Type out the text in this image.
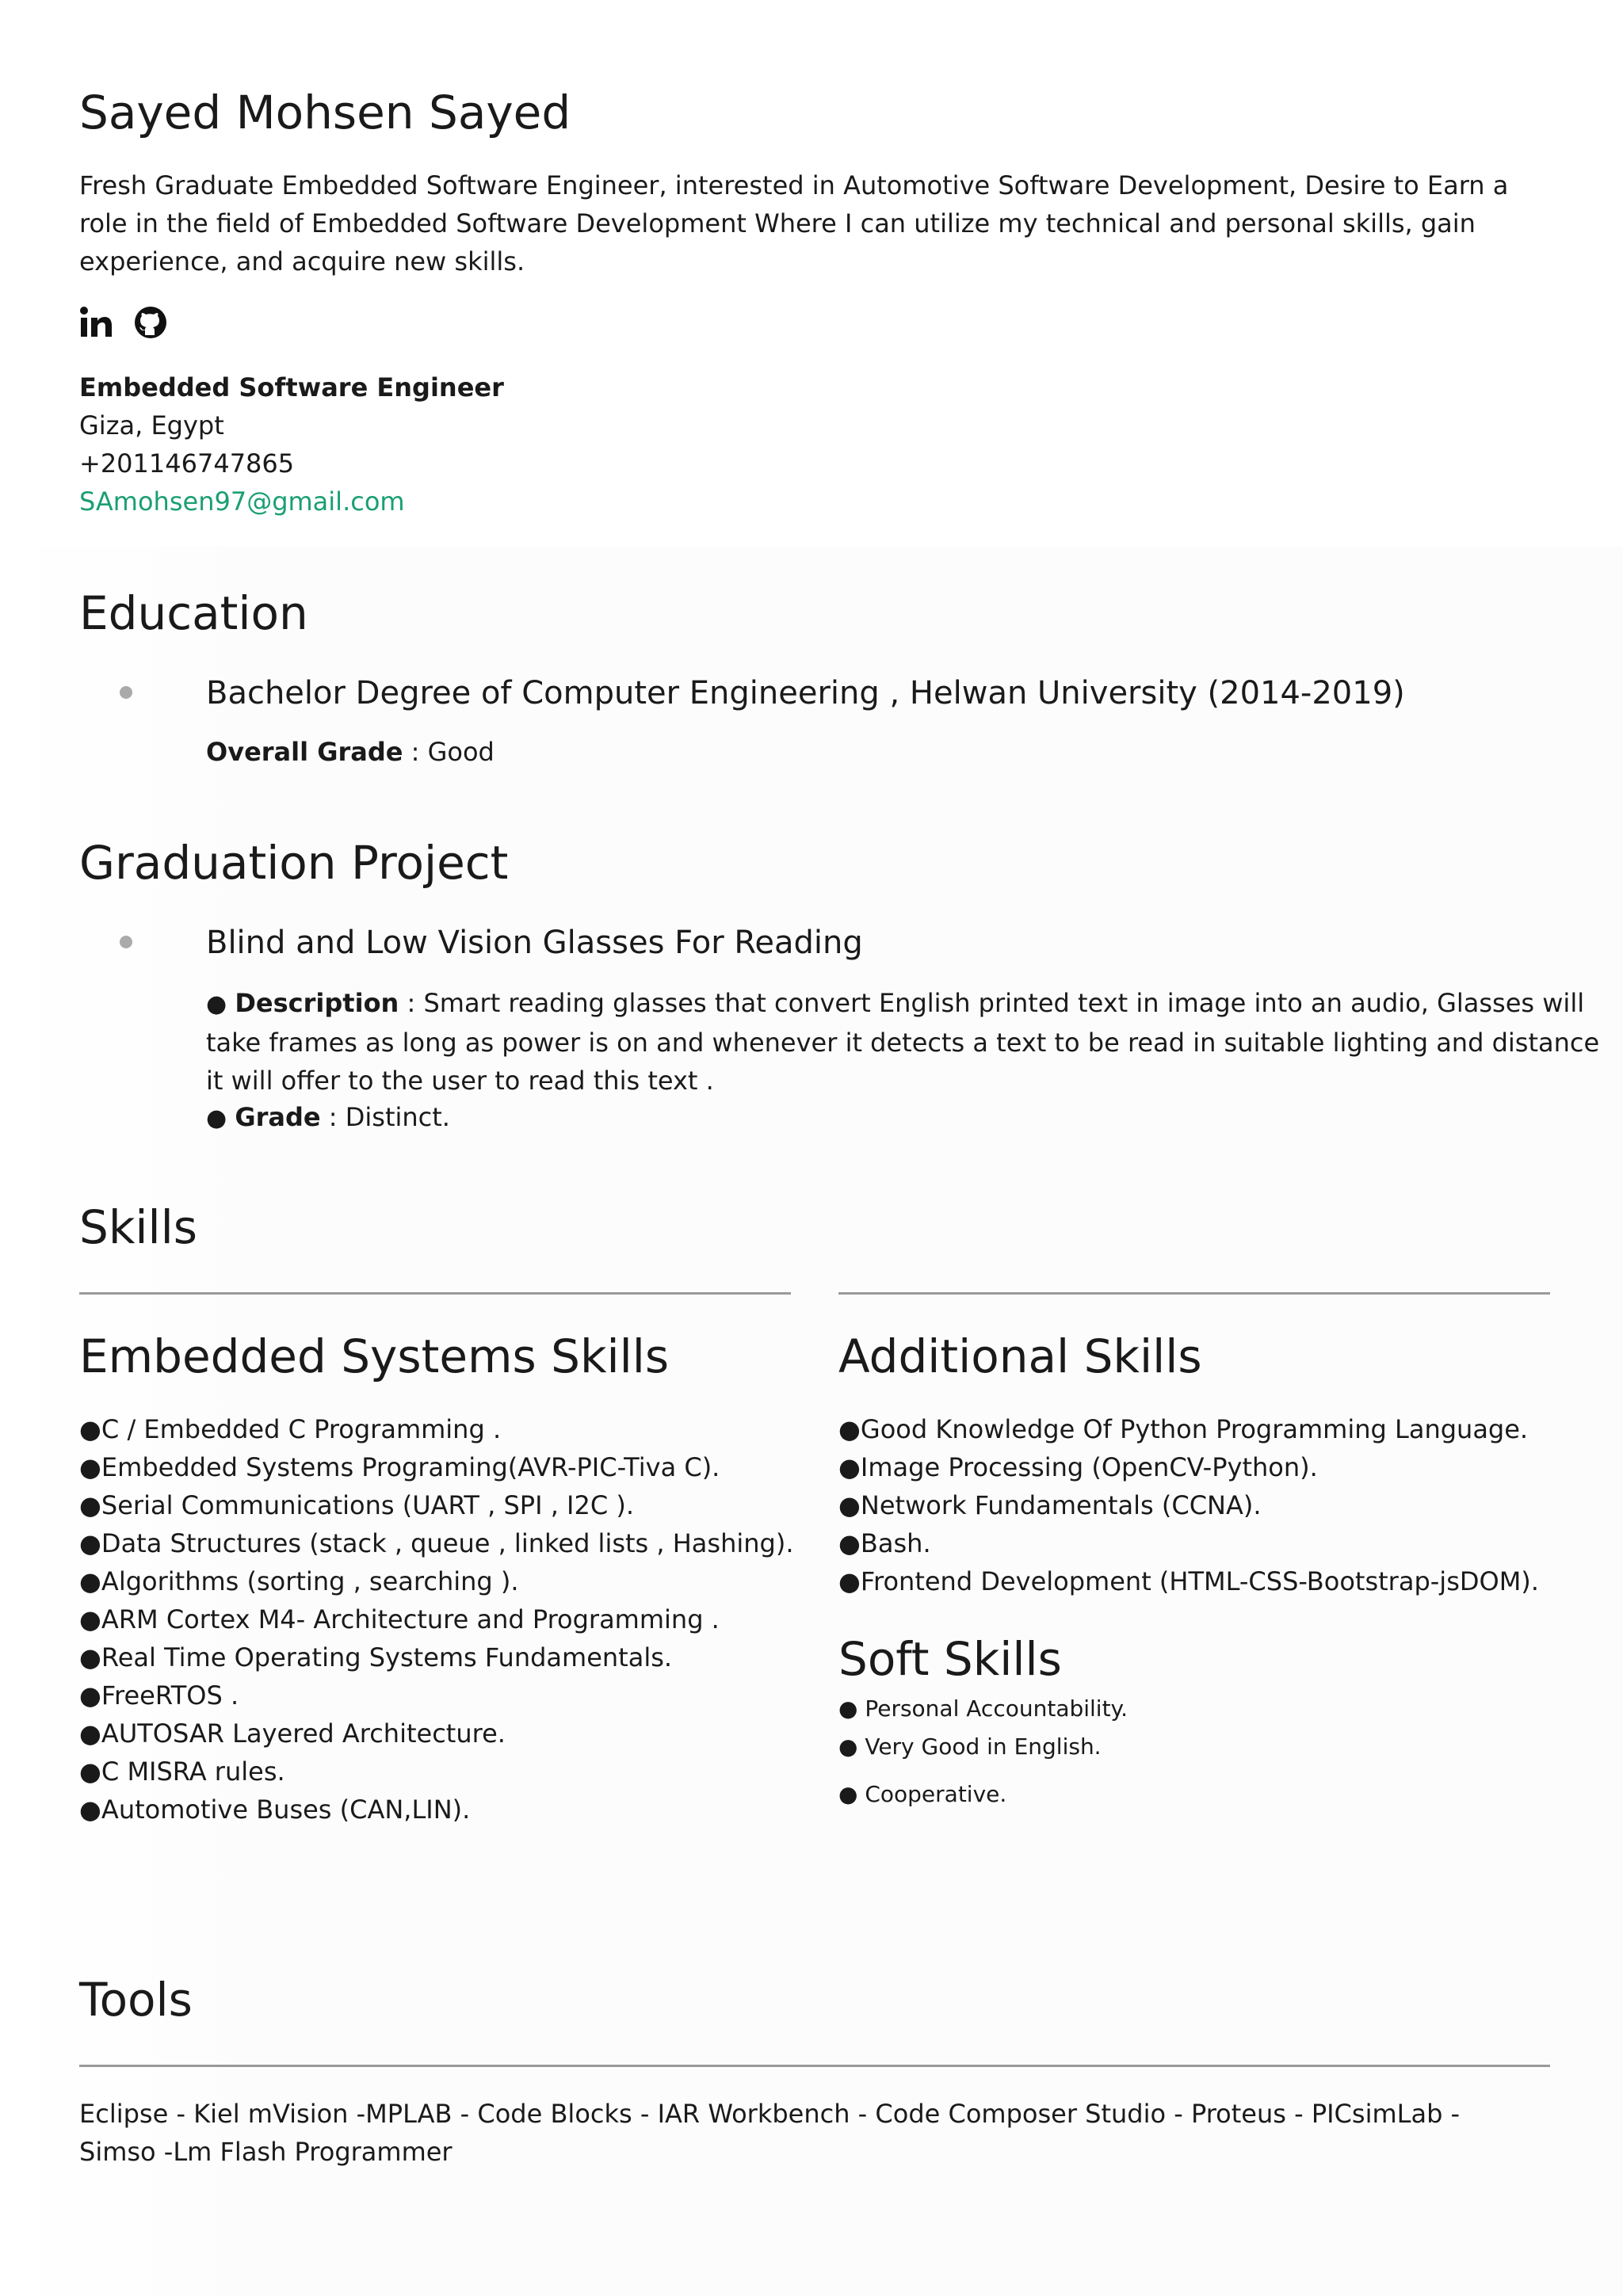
Sayed Mohsen Sayed
Fresh Graduate Embedded Software Engineer, interested in Automotive Software Development, Desire to Earn a role in the field of Embedded Software Development Where I can utilize my technical and personal skills, gain experience, and acquire new skills.
Embedded Software Engineer
Giza, Egypt
+201146747865
SAmohsen97@gmail.com
Education
Bachelor Degree of Computer Engineering , Helwan University (2014-2019)
Overall Grade : Good
Graduation Project
Blind and Low Vision Glasses For Reading
● Description : Smart reading glasses that convert English printed text in image into an audio, Glasses will take frames as long as power is on and whenever it detects a text to be read in suitable lighting and distance it will offer to the user to read this text .
● Grade : Distinct.
Skills
Embedded Systems Skills
●C / Embedded C Programming .
●Embedded Systems Programing(AVR-PIC-Tiva C).
●Serial Communications (UART , SPI , I2C ).
●Data Structures (stack , queue , linked lists , Hashing).
●Algorithms (sorting , searching ).
●ARM Cortex M4- Architecture and Programming .
●Real Time Operating Systems Fundamentals.
●FreeRTOS .
●AUTOSAR Layered Architecture.
●C MISRA rules.
●Automotive Buses (CAN,LIN).
Additional Skills
●Good Knowledge Of Python Programming Language.
●Image Processing (OpenCV-Python).
●Network Fundamentals (CCNA).
●Bash.
●Frontend Development (HTML-CSS-Bootstrap-jsDOM).
Soft Skills
● Personal Accountability.
● Very Good in English.
● Cooperative.
Tools
Eclipse - Kiel mVision -MPLAB - Code Blocks - IAR Workbench - Code Composer Studio - Proteus - PICsimLab - Simso -Lm Flash Programmer
